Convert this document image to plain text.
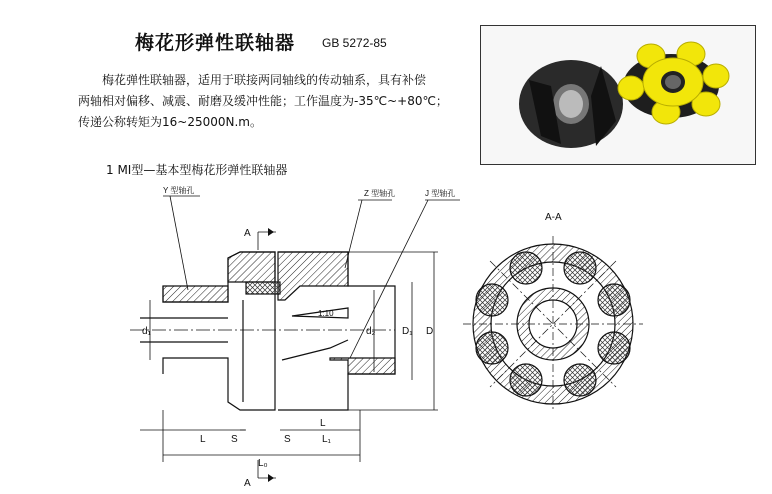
梅花形弹性联轴器 GB 5272-85
梅花弹性联轴器，适用于联接两同轴线的传动轴系，具有补偿
两轴相对偏移、减震、耐磨及缓冲性能；工作温度为-35℃~+80℃；
传递公称转矩为16~25000N.m。
1 MI型—基本型梅花形弹性联轴器
Y 型轴孔	Z 型轴孔	J 型轴孔
1:10
A
A
d₁	d₂	D₁ D
L	S	S
L
L₁
L₀
A-A
